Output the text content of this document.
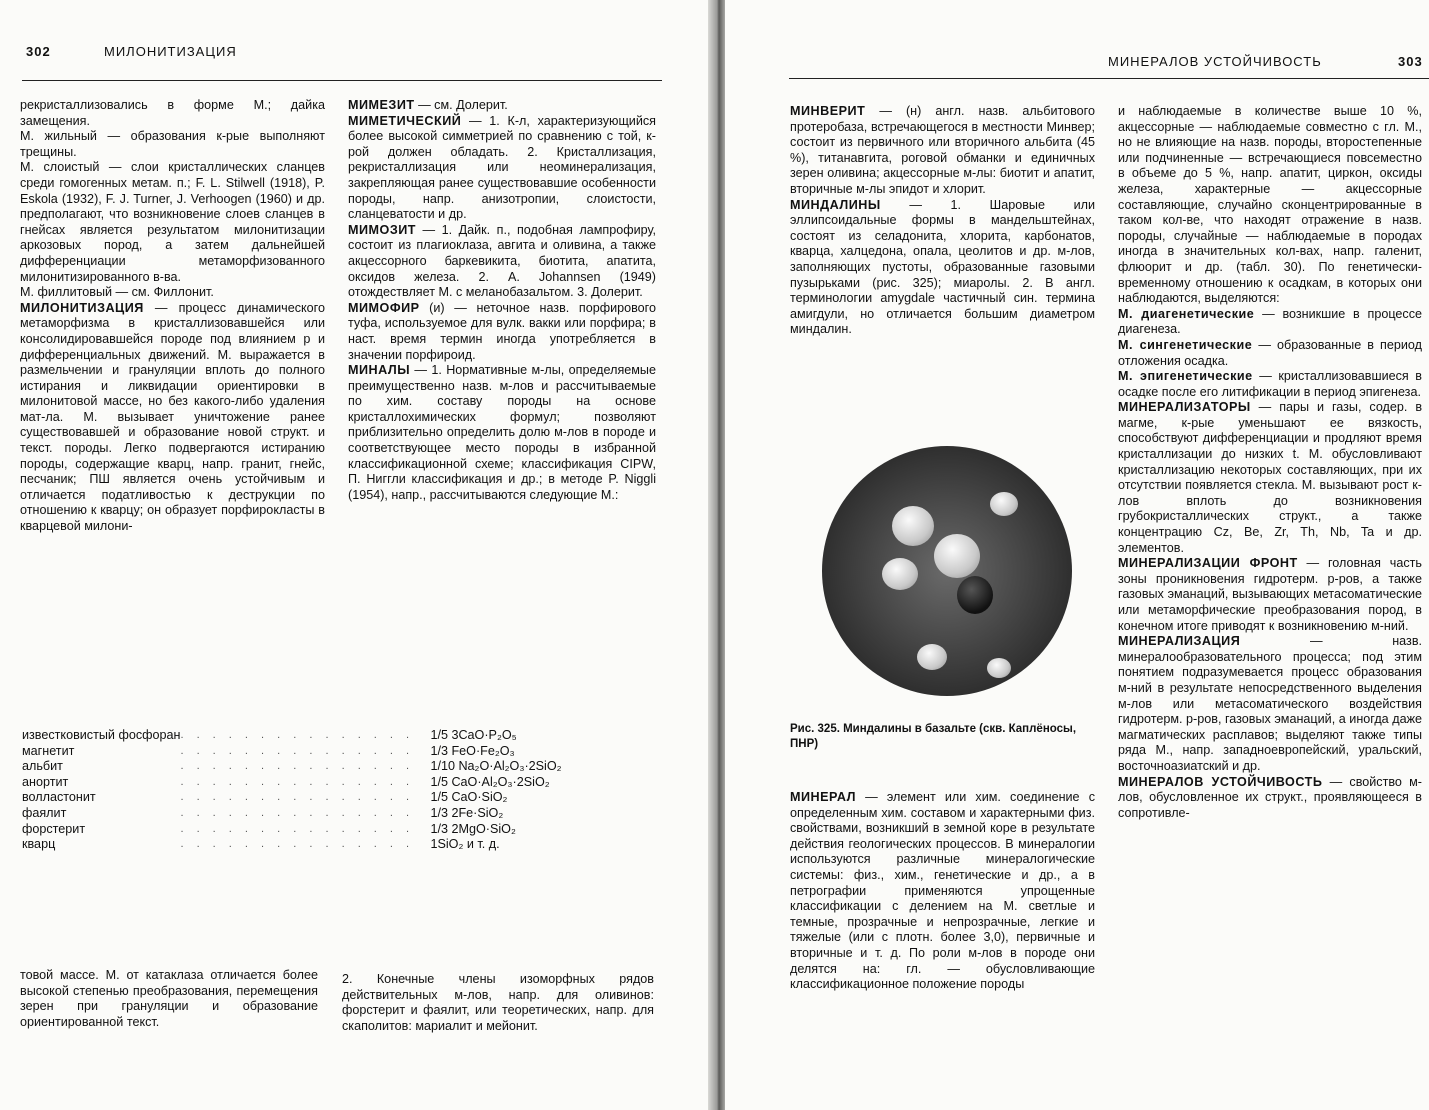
302	МИЛОНИТИЗАЦИЯ

рекристаллизовались в форме М.; дайка замещения.

М. жильный — образования к-рые выполняют трещины.

М. слоистый — слои кристаллических сланцев среди гомогенных метам. п.; F. L. Stilwell (1918), P. Eskola (1932), F. J. Turner, J. Verhoogen (1960) и др. предполагают, что возникновение слоев сланцев в гнейсах является результатом милонитизации аркозовых пород, а затем дальнейшей дифференциации метаморфизованного милонитизированного в-ва.

М. филлитовый — см. Филлонит.

МИЛОНИТИЗАЦИЯ — процесс динамического метаморфизма в кристаллизовавшейся или консолидировавшейся породе под влиянием p и дифференциальных движений. М. выражается в размельчении и грануляции вплоть до полного истирания и ликвидации ориентировки в милонитовой массе, но без какого-либо удаления мат-ла. М. вызывает уничтожение ранее существовавшей и образование новой структ. и текст. породы. Легко подвергаются истиранию породы, содержащие кварц, напр. гранит, гнейс, песчаник; ПШ является очень устойчивым и отличается податливостью к деструкции по отношению к кварцу; он образует порфирокласты в кварцевой милони-

МИМЕЗИТ — см. Долерит.

МИМЕТИЧЕСКИЙ — 1. К-л, характеризующийся более высокой симметрией по сравнению с той, к-рой должен обладать. 2. Кристаллизация, рекристаллизация или неоминерализация, закрепляющая ранее существовавшие особенности породы, напр. анизотропии, слоистости, сланцеватости и др.

МИМОЗИТ — 1. Дайк. п., подобная лампрофиру, состоит из плагиоклаза, авгита и оливина, а также акцессорного баркевикита, биотита, апатита, оксидов железа. 2. A. Johannsen (1949) отождествляет М. с меланобазальтом. 3. Долерит.

МИМОФИР (и) — неточное назв. порфирового туфа, используемое для вулк. вакки или порфира; в наст. время термин иногда употребляется в значении порфироид.

МИНАЛЫ — 1. Нормативные м-лы, определяемые преимущественно назв. м-лов и рассчитываемые по хим. составу породы на основе кристаллохимических формул; позволяют приблизительно определить долю м-лов в породе и соответствующее место породы в избранной классификационной схеме; классификация CIPW, П. Ниггли классификация и др.; в методе P. Niggli (1954), напр., рассчитываются следующие М.:

известковистый фосфоран	. . . . . . . . . . . . . . .	1/5 3CaO·P₂O₅
магнетит	. . . . . . . . . . . . . . .	1/3 FeO·Fe₂O₃
альбит	. . . . . . . . . . . . . . .	1/10 Na₂O·Al₂O₃·2SiO₂
анортит	. . . . . . . . . . . . . . .	1/5 CaO·Al₂O₃·2SiO₂
волластонит	. . . . . . . . . . . . . . .	1/5 CaO·SiO₂
фаялит	. . . . . . . . . . . . . . .	1/3 2Fe·SiO₂
форстерит	. . . . . . . . . . . . . . .	1/3 2MgO·SiO₂
кварц	. . . . . . . . . . . . . . .	1SiO₂ и т. д.

товой массе. М. от катаклаза отличается более высокой степенью преобразования, перемещения зерен при грануляции и образование ориентированной текст.

2. Конечные члены изоморфных рядов действительных м-лов, напр. для оливинов: форстерит и фаялит, или теоретических, напр. для скаполитов: мариалит и мейонит.

МИНЕРАЛОВ УСТОЙЧИВОСТЬ	303

МИНВЕРИТ — (н) англ. назв. альбитового протеробаза, встречающегося в местности Минвер; состоит из первичного или вторичного альбита (45 %), титанавгита, роговой обманки и единичных зерен оливина; акцессорные м-лы: биотит и апатит, вторичные м-лы эпидот и хлорит.

МИНДАЛИНЫ — 1. Шаровые или эллипсоидальные формы в мандельштейнах, состоят из селадонита, хлорита, карбонатов, кварца, халцедона, опала, цеолитов и др. м-лов, заполняющих пустоты, образованные газовыми пузырьками (рис. 325); миаролы. 2. В англ. терминологии amygdale частичный син. термина амигдули, но отличается большим диаметром миндалин.

Рис. 325. Миндалины в базальте (скв. Каплёносы, ПНР)

МИНЕРАЛ — элемент или хим. соединение с определенным хим. составом и характерными физ. свойствами, возникший в земной коре в результате действия геологических процессов. В минералогии используются различные минералогические системы: физ., хим., генетические и др., а в петрографии применяются упрощенные классификации с делением на М. светлые и темные, прозрачные и непрозрачные, легкие и тяжелые (или с плотн. более 3,0), первичные и вторичные и т. д. По роли м-лов в породе они делятся на: гл. — обусловливающие классификационное положение породы

и наблюдаемые в количестве выше 10 %, акцессорные — наблюдаемые совместно с гл. М., но не влияющие на назв. породы, второстепенные или подчиненные — встречающиеся повсеместно в объеме до 5 %, напр. апатит, циркон, оксиды железа, характерные — акцессорные составляющие, случайно сконцентрированные в таком кол-ве, что находят отражение в назв. породы, случайные — наблюдаемые в породах иногда в значительных кол-вах, напр. галенит, флюорит и др. (табл. 30). По генетически-временному отношению к осадкам, в которых они наблюдаются, выделяются:

М. диагенетические — возникшие в процессе диагенеза.

М. сингенетические — образованные в период отложения осадка.

М. эпигенетические — кристаллизовавшиеся в осадке после его литификации в период эпигенеза.

МИНЕРАЛИЗАТОРЫ — пары и газы, содер. в магме, к-рые уменьшают ее вязкость, способствуют дифференциации и продляют время кристаллизации до низких t. М. обусловливают кристаллизацию некоторых составляющих, при их отсутствии появляется стекла. М. вызывают рост к-лов вплоть до возникновения грубокристаллических структ., а также концентрацию Cz, Be, Zr, Th, Nb, Ta и др. элементов.

МИНЕРАЛИЗАЦИИ ФРОНТ — головная часть зоны проникновения гидротерм. р-ров, а также газовых эманаций, вызывающих метасоматические или метаморфические преобразования пород, в конечном итоге приводят к возникновению м-ний.

МИНЕРАЛИЗАЦИЯ	— назв. минералообразовательного процесса; под этим понятием подразумевается процесс образования м-ний в результате непосредственного выделения м-лов или метасоматического воздействия гидротерм. р-ров, газовых эманаций, а иногда даже магматических расплавов; выделяют также типы ряда М., напр. западноевропейский, уральский, восточноазиатский и др.

МИНЕРАЛОВ УСТОЙЧИВОСТЬ — свойство м-лов, обусловленное их структ., проявляющееся в сопротивле-
